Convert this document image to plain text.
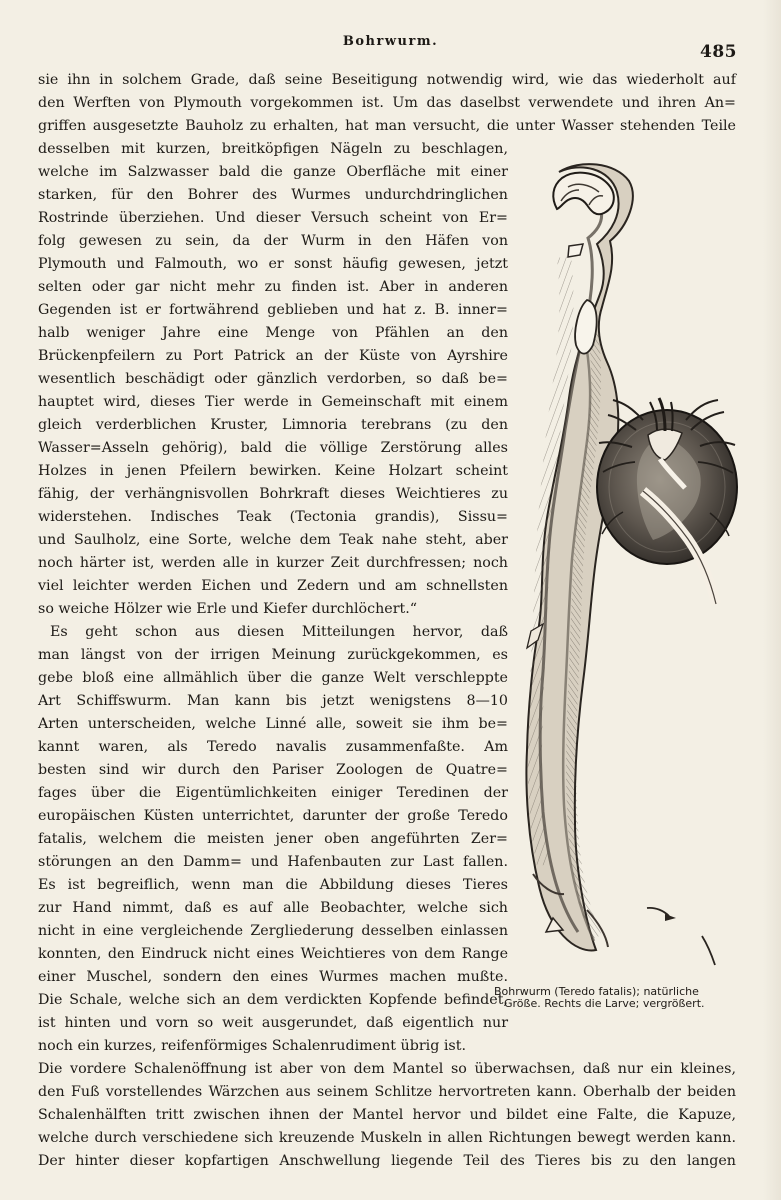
Bohrwurm.
485
sie ihn in solchem Grade, daß seine Beseitigung notwendig wird, wie das wiederholt auf
den Werften von Plymouth vorgekommen ist. Um das daselbst verwendete und ihren An=
griffen ausgesetzte Bauholz zu erhalten, hat man versucht, die unter Wasser stehenden Teile
desselben mit kurzen, breitköpfigen Nägeln zu beschlagen,
welche im Salzwasser bald die ganze Oberfläche mit einer
starken, für den Bohrer des Wurmes undurchdringlichen
Rostrinde überziehen. Und dieser Versuch scheint von Er=
folg gewesen zu sein, da der Wurm in den Häfen von
Plymouth und Falmouth, wo er sonst häufig gewesen, jetzt
selten oder gar nicht mehr zu finden ist. Aber in anderen
Gegenden ist er fortwährend geblieben und hat z. B. inner=
halb weniger Jahre eine Menge von Pfählen an den
Brückenpfeilern zu Port Patrick an der Küste von Ayrshire
wesentlich beschädigt oder gänzlich verdorben, so daß be=
hauptet wird, dieses Tier werde in Gemeinschaft mit einem
gleich verderblichen Kruster, Limnoria terebrans (zu den
Wasser=Asseln gehörig), bald die völlige Zerstörung alles
Holzes in jenen Pfeilern bewirken. Keine Holzart scheint
fähig, der verhängnisvollen Bohrkraft dieses Weichtieres zu
widerstehen. Indisches Teak (Tectonia grandis), Sissu=
und Saulholz, eine Sorte, welche dem Teak nahe steht, aber
noch härter ist, werden alle in kurzer Zeit durchfressen; noch
viel leichter werden Eichen und Zedern und am schnellsten
so weiche Hölzer wie Erle und Kiefer durchlöchert.“
Es geht schon aus diesen Mitteilungen hervor, daß
man längst von der irrigen Meinung zurückgekommen, es
gebe bloß eine allmählich über die ganze Welt verschleppte
Art Schiffswurm. Man kann bis jetzt wenigstens 8—10
Arten unterscheiden, welche Linné alle, soweit sie ihm be=
kannt waren, als Teredo navalis zusammenfaßte. Am
besten sind wir durch den Pariser Zoologen de Quatre=
fages über die Eigentümlichkeiten einiger Teredinen der
europäischen Küsten unterrichtet, darunter der große Teredo
fatalis, welchem die meisten jener oben angeführten Zer=
störungen an den Damm= und Hafenbauten zur Last fallen.
Es ist begreiflich, wenn man die Abbildung dieses Tieres
zur Hand nimmt, daß es auf alle Beobachter, welche sich
nicht in eine vergleichende Zergliederung desselben einlassen
konnten, den Eindruck nicht eines Weichtieres von dem Range
einer Muschel, sondern den eines Wurmes machen mußte.
Die Schale, welche sich an dem verdickten Kopfende befindet,
ist hinten und vorn so weit ausgerundet, daß eigentlich nur
noch ein kurzes, reifenförmiges Schalenrudiment übrig ist.
Die vordere Schalenöffnung ist aber von dem Mantel so überwachsen, daß nur ein kleines,
den Fuß vorstellendes Wärzchen aus seinem Schlitze hervortreten kann. Oberhalb der beiden
Schalenhälften tritt zwischen ihnen der Mantel hervor und bildet eine Falte, die Kapuze,
welche durch verschiedene sich kreuzende Muskeln in allen Richtungen bewegt werden kann.
Der hinter dieser kopfartigen Anschwellung liegende Teil des Tieres bis zu den langen
Bohrwurm (Teredo fatalis); natürliche
Größe. Rechts die Larve; vergrößert.
